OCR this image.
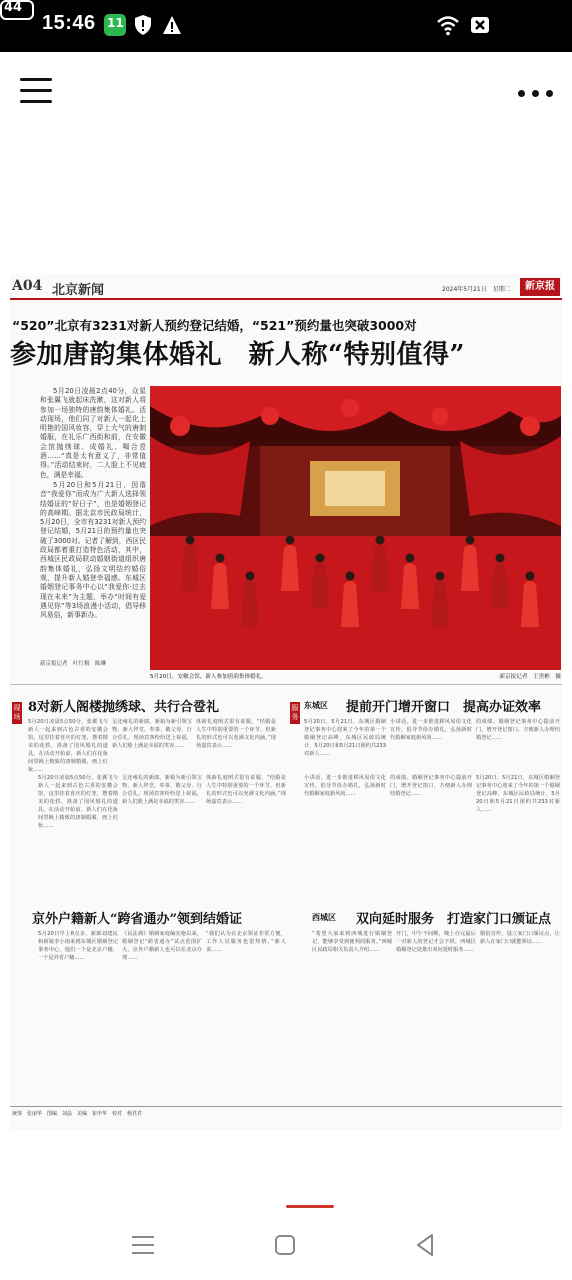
15:46 11
44
A04 北京新闻	2024年5月21日　星期二	新京报
“520”北京有3231对新人预约登记结婚，“521”预约量也突破3000对
参加唐韵集体婚礼　新人称“特别值得”

5月20日凌晨2点40分，众星和张翼飞就起床洗漱，这对新人将参加一场独特的唐韵集体婚礼。活动现场，他们同了对新人一起化上明艳的国风妆容，穿上大气的唐制婚服，在礼乐广西街和前，在安徽会馆抛绣球、成婚礼、喝合卺酒……“真是太有意义了，非常值得。”活动结束时，二人脸上不见疲色，满是幸福。

5月20日和5月21日，因谐音“我爱你”而成为广大新人选择领结婚证的“好日子”，也是婚姻登记的高峰期。据北京市民政局统计，5月20日，全市有3231对新人预约登记结婚，5月21日的预约量也突破了3000对。记者了解到，西区民政局都着重打造特色活动，其中，西城区民政局联动婚姻街道组织唐韵集体婚礼，弘扬文明结约婚俗观，提升新人婚登幸福感。东城区婚姻登记事务中心以“我爱你·过去现在未来”为主题，举办“时间有爱遇见你”等3场浪漫小活动，倡导移风易俗，新事新办。

新京报记者　叶红梅　陈琳
5月20日，安徽会馆，新人参加唐韵集体婚礼。	新京报记者　王贵彬　摄
现场
8对新人阁楼抛绣球、共行合卺礼
5月20日凌晨5点50分，张翼飞与新人一起来到古色古香的安徽会馆，这里挂着喜庆的灯笼，摆着精美的花轿，准备了国风婚礼的道具。在活动开始前，新人们在化妆间里换上精致的唐制婚服，画上红妆……
呈还雍礼的新郎，新娘为新引领宝物，新人拜堂，奉茶、敬父母、行合卺礼。现场宾客纷纷送上祝福，新人们脸上满是幸福的笑容……
体新礼庭明式很有说服，“结婚是人生中特别重要的一个环节，但新礼的形式也可以充满文化内涵。”现场嘉宾表示……
服务
东城区 提前开门增开窗口　提高办证效率
5月20日，5月21日，东城区婚姻登记事务中心迎来了今年的第一个婚姻登记高峰，东城区民政局统计，5月20日和5月21日预约共233对新人……
小讲话，进一步推进移风易俗文化宣传，倡导节俭办婚礼，弘扬新时代婚姻家庭新风尚……
的成绩。婚姻登记事务中心提前开门，增开登记窗口，方便新人办理结婚登记……
5月20日凌晨5点50分，张翼飞与新人一起来到古色古香的安徽会馆，这里挂着喜庆的灯笼，摆着精美的花轿，准备了国风婚礼的道具。在活动开始前，新人们在化妆间里换上精致的唐制婚服，画上红妆……
呈还雍礼的新郎，新娘为新引领宝物，新人拜堂，奉茶、敬父母、行合卺礼。现场宾客纷纷送上祝福，新人们脸上满是幸福的笑容……
体新礼庭明式很有说服，“结婚是人生中特别重要的一个环节，但新礼的形式也可以充满文化内涵。”现场嘉宾表示……
小讲话，进一步推进移风易俗文化宣传，倡导节俭办婚礼，弘扬新时代婚姻家庭新风尚……
的成绩。婚姻登记事务中心提前开门，增开登记窗口，方便新人办理结婚登记……
5月20日，5月21日，东城区婚姻登记事务中心迎来了今年的第一个婚姻登记高峰，东城区民政局统计，5月20日和5月21日预约共233对新人……
京外户籍新人“跨省通办”领到结婚证	西城区 双向延时服务　打造家门口颁证点
5月20日早上8点多，新郎刘建民和新娘李小雨来到东城区婚姻登记事务中心，他们一个是北京户籍，一个是外省户籍……
《民法典》婚姻家庭编实施以来，婚姻登记“跨省通办”试点范围扩大，京外户籍新人也可以在北京办理……
“我们认为在北京领证非常方便，工作人员服务也很热情。”新人说……
“希望大家来到西城进行婚姻登记，能够享受到便利的服务。”西城区民政局相关负责人介绍……
开门，中午不间断，晚上办完最后一对新人的登记才会下班。西城区婚姻登记处推出双向延时服务……
婚俗宣传，设立家门口颁证点，让新人在家门口就能领证……
统筹　张丽华　图编　刘晶　美编　崔申华　校对　杨君君
